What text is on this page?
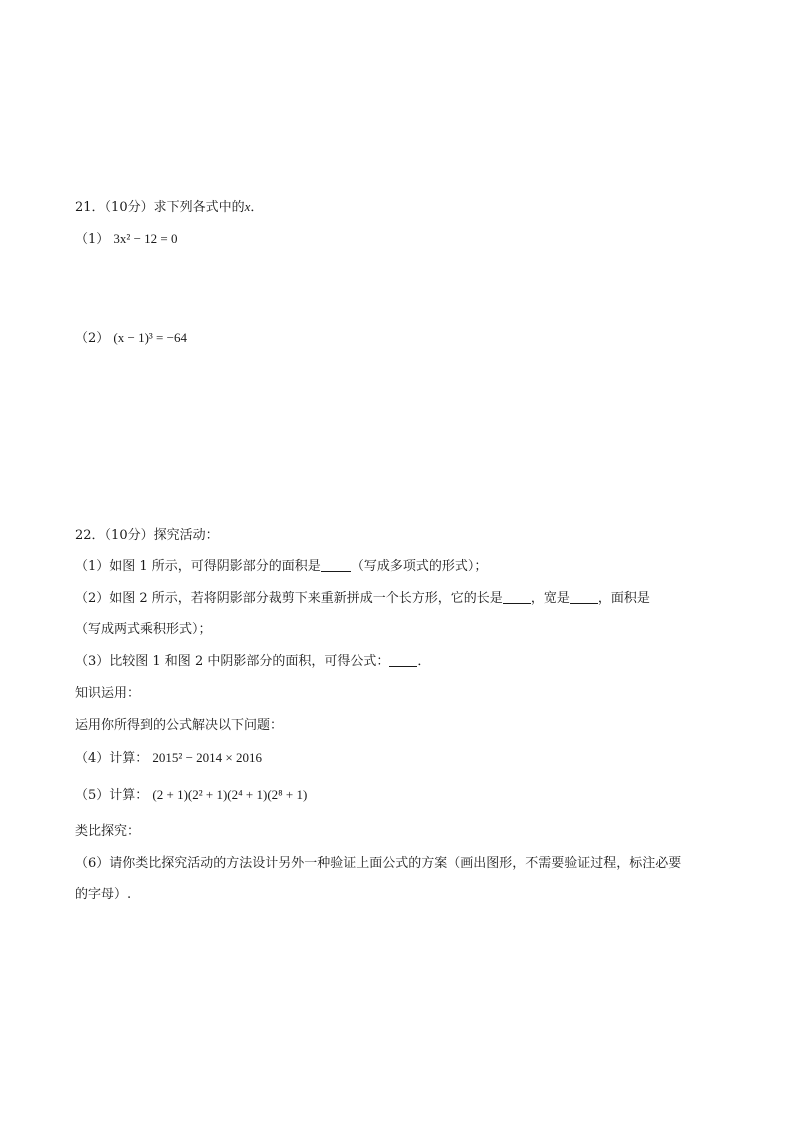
21．（10分）求下列各式中的x．
（1） 3x² − 12 = 0
（2） (x − 1)³ = −64
22．（10分）探究活动：
（1）如图 1 所示，可得阴影部分的面积是 （写成多项式的形式）；
（2）如图 2 所示，若将阴影部分裁剪下来重新拼成一个长方形，它的长是 ，宽是 ，面积是
（写成两式乘积形式）；
（3）比较图 1 和图 2 中阴影部分的面积，可得公式： ．
知识运用：
运用你所得到的公式解决以下问题：
（4）计算： 2015² − 2014 × 2016
（5）计算： (2 + 1)(2² + 1)(2⁴ + 1)(2⁸ + 1)
类比探究：
（6）请你类比探究活动的方法设计另外一种验证上面公式的方案（画出图形，不需要验证过程，标注必要
的字母）.
